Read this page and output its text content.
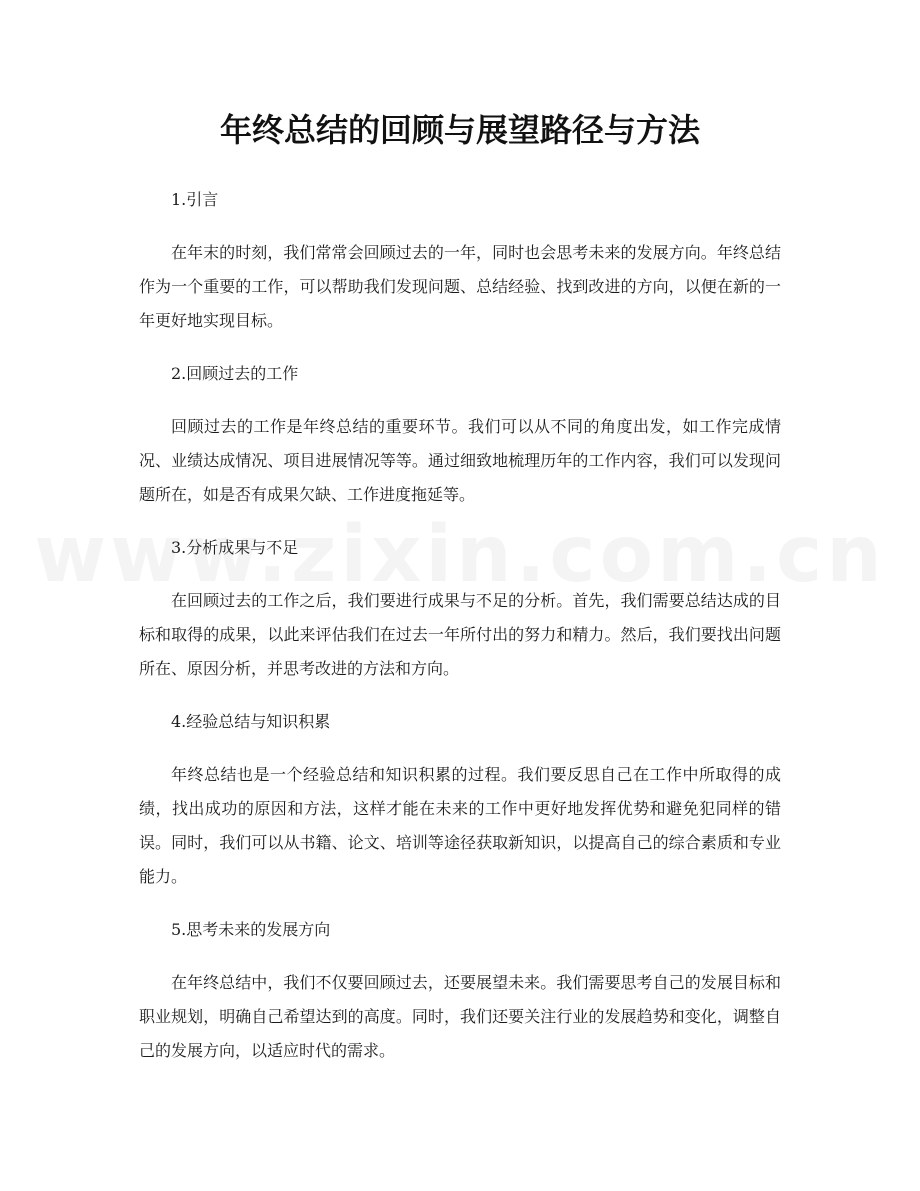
年终总结的回顾与展望路径与方法
1.引言

在年末的时刻，我们常常会回顾过去的一年，同时也会思考未来的发展方向。年终总结作为一个重要的工作，可以帮助我们发现问题、总结经验、找到改进的方向，以便在新的一年更好地实现目标。

2.回顾过去的工作

回顾过去的工作是年终总结的重要环节。我们可以从不同的角度出发，如工作完成情况、业绩达成情况、项目进展情况等等。通过细致地梳理历年的工作内容，我们可以发现问题所在，如是否有成果欠缺、工作进度拖延等。

3.分析成果与不足

在回顾过去的工作之后，我们要进行成果与不足的分析。首先，我们需要总结达成的目标和取得的成果，以此来评估我们在过去一年所付出的努力和精力。然后，我们要找出问题所在、原因分析，并思考改进的方法和方向。

4.经验总结与知识积累

年终总结也是一个经验总结和知识积累的过程。我们要反思自己在工作中所取得的成绩，找出成功的原因和方法，这样才能在未来的工作中更好地发挥优势和避免犯同样的错误。同时，我们可以从书籍、论文、培训等途径获取新知识，以提高自己的综合素质和专业能力。

5.思考未来的发展方向

在年终总结中，我们不仅要回顾过去，还要展望未来。我们需要思考自己的发展目标和职业规划，明确自己希望达到的高度。同时，我们还要关注行业的发展趋势和变化，调整自己的发展方向，以适应时代的需求。
